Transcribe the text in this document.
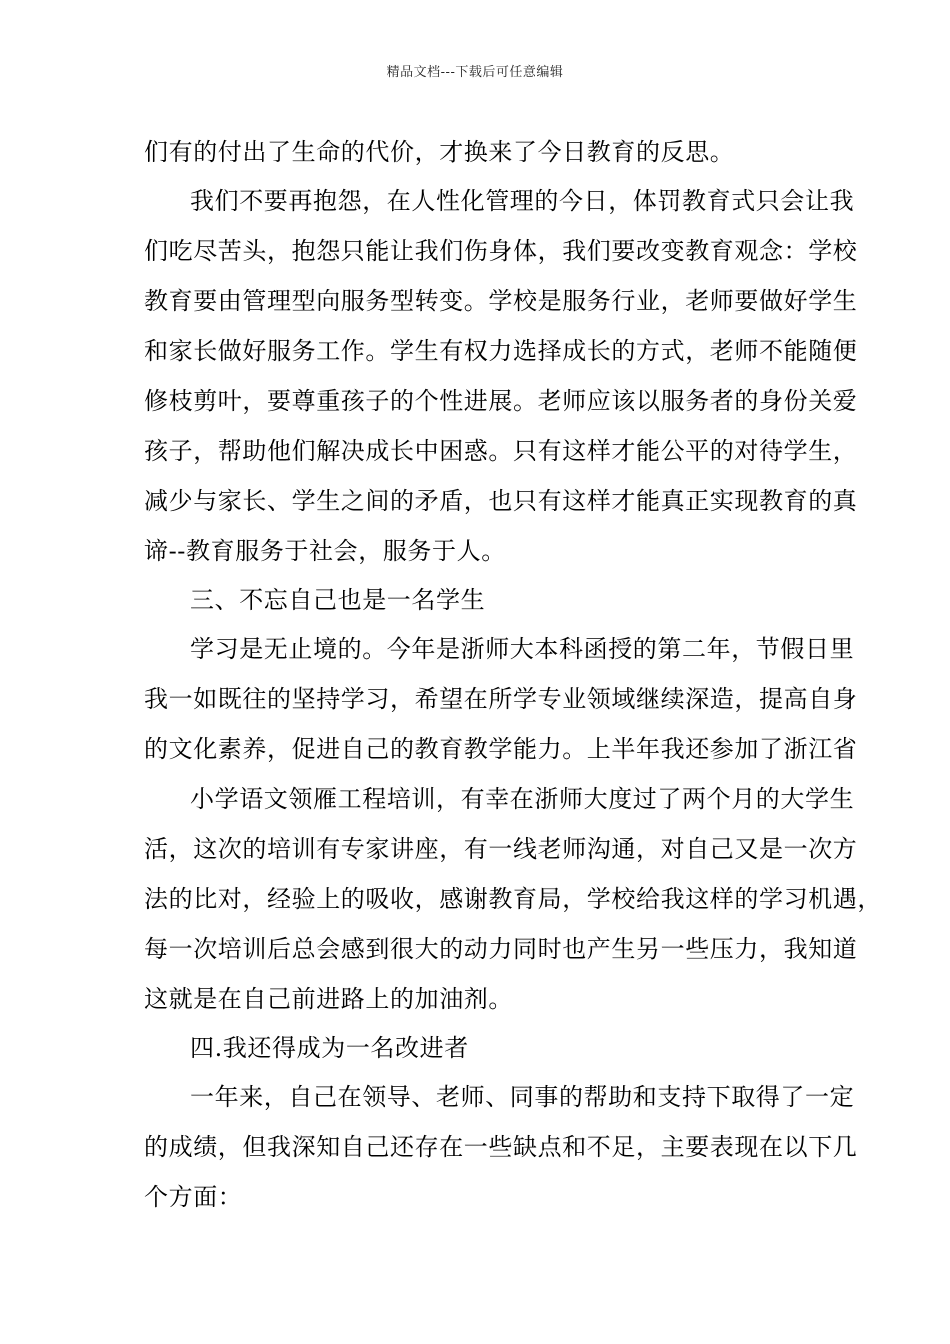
精品文档---下载后可任意编辑
们有的付出了生命的代价，才换来了今日教育的反思。
我们不要再抱怨，在人性化管理的今日，体罚教育式只会让我
们吃尽苦头，抱怨只能让我们伤身体，我们要改变教育观念：学校
教育要由管理型向服务型转变。学校是服务行业，老师要做好学生
和家长做好服务工作。学生有权力选择成长的方式，老师不能随便
修枝剪叶，要尊重孩子的个性进展。老师应该以服务者的身份关爱
孩子，帮助他们解决成长中困惑。只有这样才能公平的对待学生，
减少与家长、学生之间的矛盾，也只有这样才能真正实现教育的真
谛--教育服务于社会，服务于人。
三、不忘自己也是一名学生
学习是无止境的。今年是浙师大本科函授的第二年，节假日里
我一如既往的坚持学习，希望在所学专业领域继续深造，提高自身
的文化素养，促进自己的教育教学能力。上半年我还参加了浙江省
小学语文领雁工程培训，有幸在浙师大度过了两个月的大学生
活，这次的培训有专家讲座，有一线老师沟通，对自己又是一次方
法的比对，经验上的吸收，感谢教育局，学校给我这样的学习机遇，
每一次培训后总会感到很大的动力同时也产生另一些压力，我知道
这就是在自己前进路上的加油剂。
四.我还得成为一名改进者
一年来，自己在领导、老师、同事的帮助和支持下取得了一定
的成绩，但我深知自己还存在一些缺点和不足，主要表现在以下几
个方面：
